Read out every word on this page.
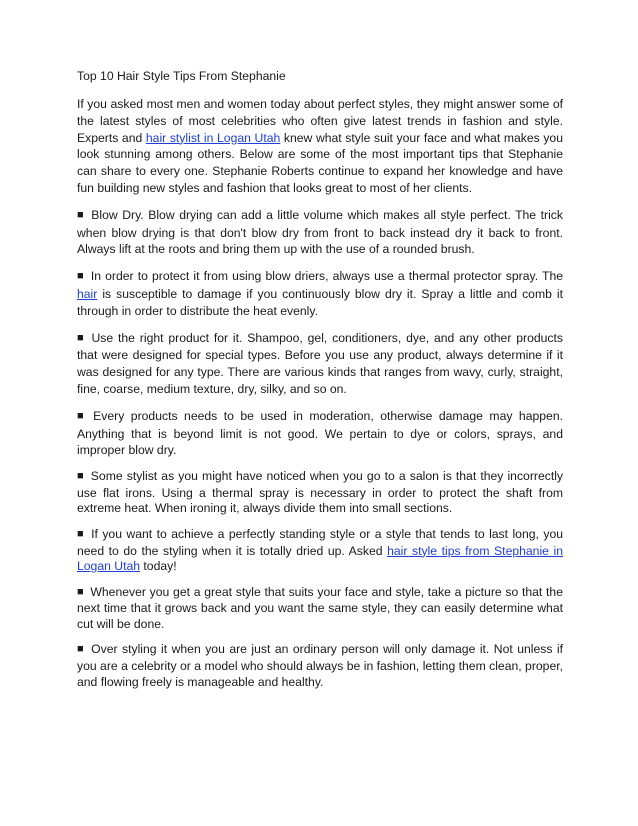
Top 10 Hair Style Tips From Stephanie

If you asked most men and women today about perfect styles, they might answer some of the latest styles of most celebrities who often give latest trends in fashion and style. Experts and hair stylist in Logan Utah knew what style suit your face and what makes you look stunning among others. Below are some of the most important tips that Stephanie can share to every one. Stephanie Roberts continue to expand her knowledge and have fun building new styles and fashion that looks great to most of her clients.

■ Blow Dry. Blow drying can add a little volume which makes all style perfect. The trick when blow drying is that don't blow dry from front to back instead dry it back to front. Always lift at the roots and bring them up with the use of a rounded brush.

■ In order to protect it from using blow driers, always use a thermal protector spray. The hair is susceptible to damage if you continuously blow dry it. Spray a little and comb it through in order to distribute the heat evenly.

■ Use the right product for it. Shampoo, gel, conditioners, dye, and any other products that were designed for special types. Before you use any product, always determine if it was designed for any type. There are various kinds that ranges from wavy, curly, straight, fine, coarse, medium texture, dry, silky, and so on.

■ Every products needs to be used in moderation, otherwise damage may happen. Anything that is beyond limit is not good. We pertain to dye or colors, sprays, and improper blow dry.

■ Some stylist as you might have noticed when you go to a salon is that they incorrectly use flat irons. Using a thermal spray is necessary in order to protect the shaft from extreme heat. When ironing it, always divide them into small sections.

■ If you want to achieve a perfectly standing style or a style that tends to last long, you need to do the styling when it is totally dried up. Asked hair style tips from Stephanie in Logan Utah today!

■ Whenever you get a great style that suits your face and style, take a picture so that the next time that it grows back and you want the same style, they can easily determine what cut will be done.

■ Over styling it when you are just an ordinary person will only damage it. Not unless if you are a celebrity or a model who should always be in fashion, letting them clean, proper, and flowing freely is manageable and healthy.
